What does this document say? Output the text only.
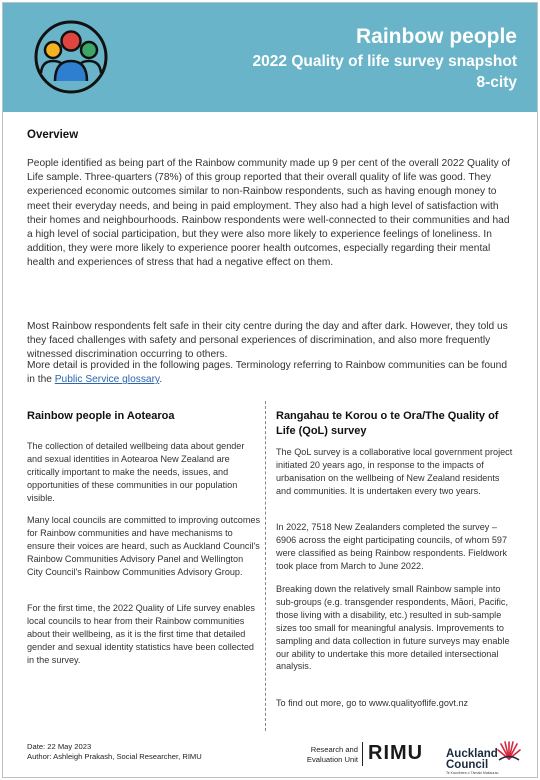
Rainbow people
2022 Quality of life survey snapshot
8-city
Overview

People identified as being part of the Rainbow community made up 9 per cent of the overall 2022 Quality of Life sample. Three-quarters (78%) of this group reported that their overall quality of life was good. They experienced economic outcomes similar to non-Rainbow respondents, such as having enough money to meet their everyday needs, and being in paid employment. They also had a high level of satisfaction with their homes and neighbourhoods. Rainbow respondents were well-connected to their communities and had a high level of social participation, but they were also more likely to experience feelings of loneliness. In addition, they were more likely to experience poorer health outcomes, especially regarding their mental health and experiences of stress that had a negative effect on them.

Most Rainbow respondents felt safe in their city centre during the day and after dark. However, they told us they faced challenges with safety and personal experiences of discrimination, and also more frequently witnessed discrimination occurring to others.

More detail is provided in the following pages. Terminology referring to Rainbow communities can be found in the Public Service glossary.

Rainbow people in Aotearoa

The collection of detailed wellbeing data about gender and sexual identities in Aotearoa New Zealand are critically important to make the needs, issues, and opportunities of these communities in our population visible.

Many local councils are committed to improving outcomes for Rainbow communities and have mechanisms to ensure their voices are heard, such as Auckland Council's Rainbow Communities Advisory Panel and Wellington City Council's Rainbow Communities Advisory Group.

For the first time, the 2022 Quality of Life survey enables local councils to hear from their Rainbow communities about their wellbeing, as it is the first time that detailed gender and sexual identity statistics have been collected in the survey.

Rangahau te Korou o te Ora/The Quality of Life (QoL) survey

The QoL survey is a collaborative local government project initiated 20 years ago, in response to the impacts of urbanisation on the wellbeing of New Zealand residents and communities. It is undertaken every two years.

In 2022, 7518 New Zealanders completed the survey – 6906 across the eight participating councils, of whom 597 were classified as being Rainbow respondents. Fieldwork took place from March to June 2022.

Breaking down the relatively small Rainbow sample into sub-groups (e.g. transgender respondents, Māori, Pacific, those living with a disability, etc.) resulted in sub-sample sizes too small for meaningful analysis. Improvements to sampling and data collection in future surveys may enable our ability to undertake this more detailed intersectional analysis.

To find out more, go to www.qualityoflife.govt.nz

Date: 22 May 2023
Author: Ashleigh Prakash, Social Researcher, RIMU
Research and
Evaluation Unit RIMU Auckland
Council
Te Kaunihera o Tāmaki Makaurau
